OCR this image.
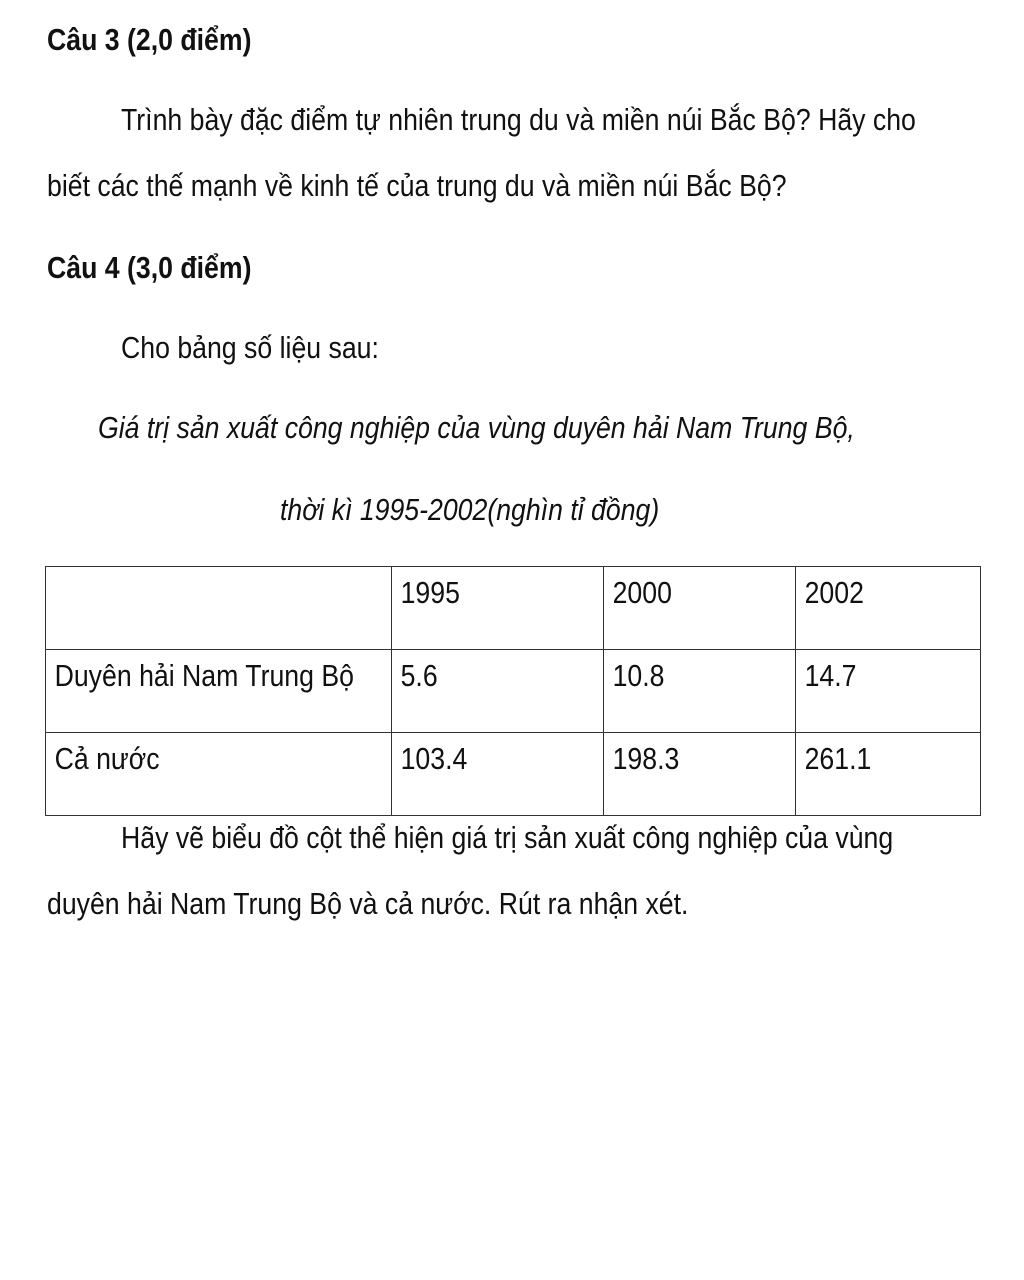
Câu 3 (2,0 điểm)
Trình bày đặc điểm tự nhiên trung du và miền núi Bắc Bộ? Hãy cho
biết các thế mạnh về kinh tế của trung du và miền núi Bắc Bộ?
Câu 4 (3,0 điểm)
Cho bảng số liệu sau:
Giá trị sản xuất công nghiệp của vùng duyên hải Nam Trung Bộ,
thời kì 1995-2002(nghìn tỉ đồng)

	1995	2000	2002

Duyên hải Nam Trung Bộ	5.6	10.8	14.7

Cả nước	103.4	198.3	261.1
Hãy vẽ biểu đồ cột thể hiện giá trị sản xuất công nghiệp của vùng
duyên hải Nam Trung Bộ và cả nước. Rút ra nhận xét.
